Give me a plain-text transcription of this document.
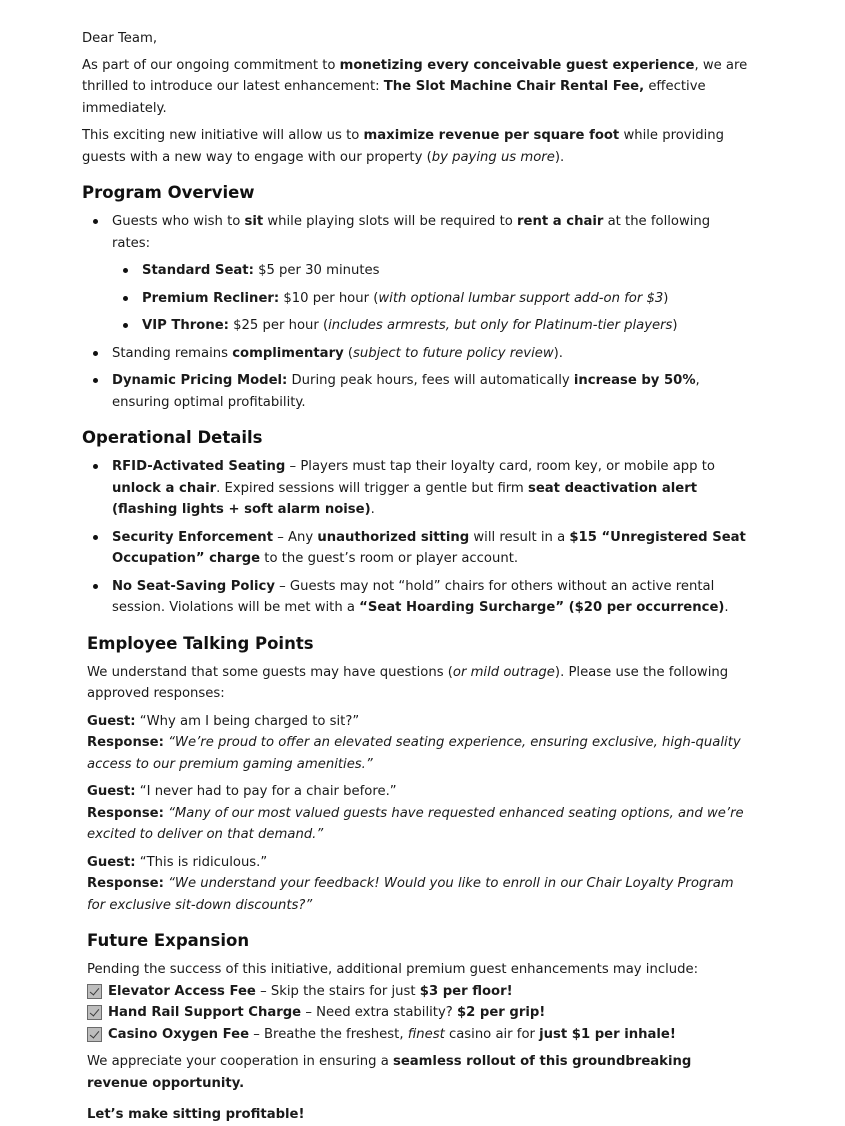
Dear Team,

As part of our ongoing commitment to monetizing every conceivable guest experience, we are thrilled to introduce our latest enhancement: The Slot Machine Chair Rental Fee, effective immediately.

This exciting new initiative will allow us to maximize revenue per square foot while providing guests with a new way to engage with our property (by paying us more).

Program Overview
Guests who wish to sit while playing slots will be required to rent a chair at the following rates:
Standard Seat: $5 per 30 minutes
Premium Recliner: $10 per hour (with optional lumbar support add-on for $3)
VIP Throne: $25 per hour (includes armrests, but only for Platinum-tier players)
Standing remains complimentary (subject to future policy review).
Dynamic Pricing Model: During peak hours, fees will automatically increase by 50%, ensuring optimal profitability.
Operational Details
RFID-Activated Seating – Players must tap their loyalty card, room key, or mobile app to unlock a chair. Expired sessions will trigger a gentle but firm seat deactivation alert (flashing lights + soft alarm noise).
Security Enforcement – Any unauthorized sitting will result in a $15 “Unregistered Seat Occupation” charge to the guest’s room or player account.
No Seat-Saving Policy – Guests may not “hold” chairs for others without an active rental session. Violations will be met with a “Seat Hoarding Surcharge” ($20 per occurrence).
Employee Talking Points

We understand that some guests may have questions (or mild outrage). Please use the following approved responses:

Guest: “Why am I being charged to sit?”

Response: “We’re proud to offer an elevated seating experience, ensuring exclusive, high-quality access to our premium gaming amenities.”

Guest: “I never had to pay for a chair before.”

Response: “Many of our most valued guests have requested enhanced seating options, and we’re excited to deliver on that demand.”

Guest: “This is ridiculous.”

Response: “We understand your feedback! Would you like to enroll in our Chair Loyalty Program for exclusive sit-down discounts?”

Future Expansion

Pending the success of this initiative, additional premium guest enhancements may include:

Elevator Access Fee – Skip the stairs for just $3 per floor!
Hand Rail Support Charge – Need extra stability? $2 per grip!
Casino Oxygen Fee – Breathe the freshest, finest casino air for just $1 per inhale!

We appreciate your cooperation in ensuring a seamless rollout of this groundbreaking revenue opportunity.

Let’s make sitting profitable!
